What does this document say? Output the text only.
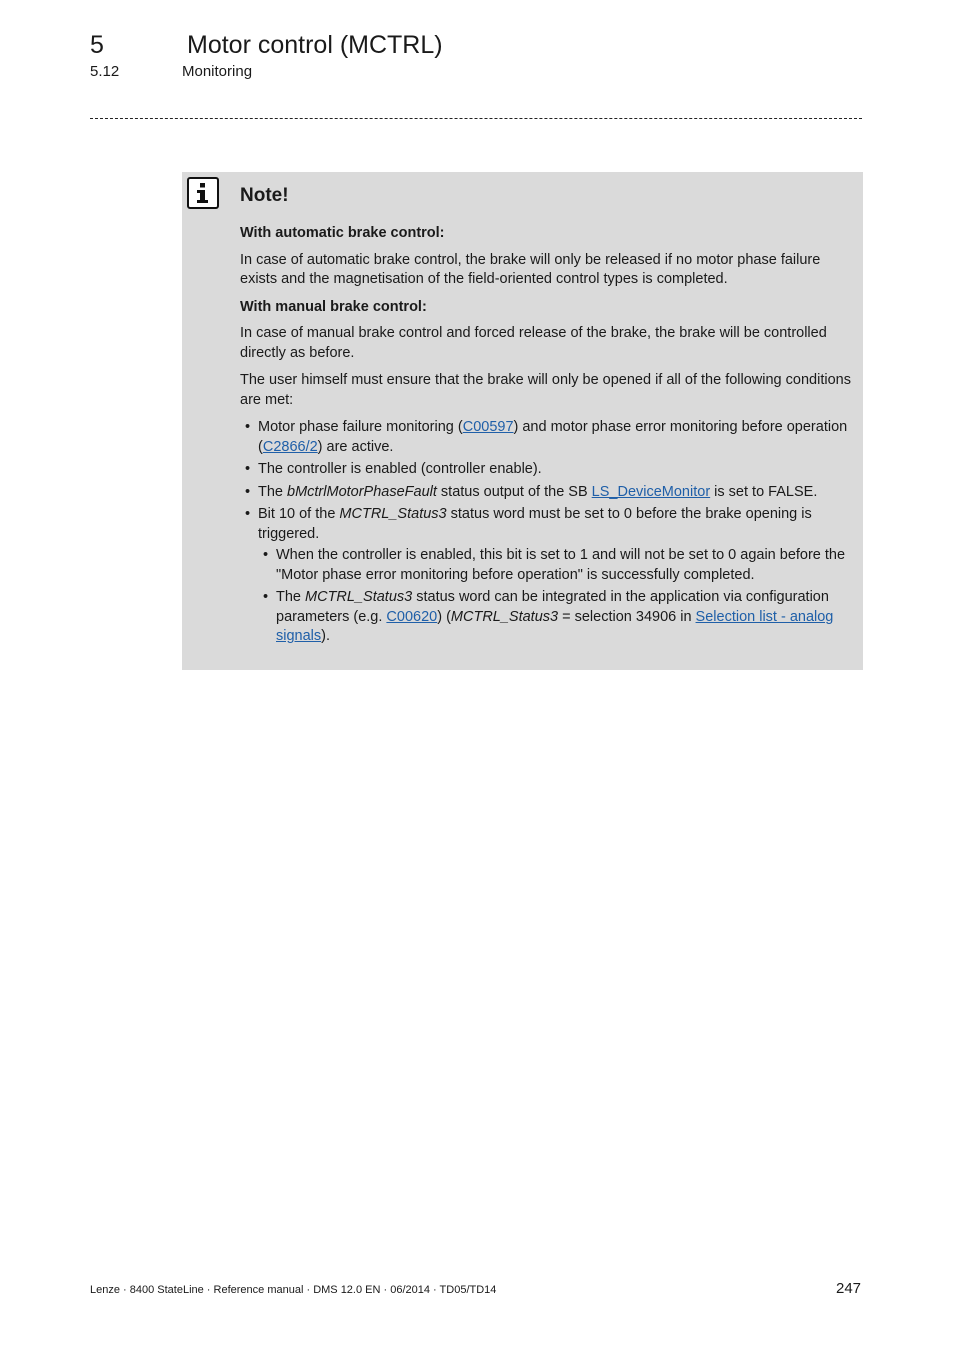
5	Motor control (MCTRL)
5.12	Monitoring
Note!

With automatic brake control:

In case of automatic brake control, the brake will only be released if no motor phase failure exists and the magnetisation of the field-oriented control types is completed.

With manual brake control:

In case of manual brake control and forced release of the brake, the brake will be controlled directly as before.

The user himself must ensure that the brake will only be opened if all of the following conditions are met:

• Motor phase failure monitoring (C00597) and motor phase error monitoring before operation (C2866/2) are active.
• The controller is enabled (controller enable).
• The bMctrlMotorPhaseFault status output of the SB LS_DeviceMonitor is set to FALSE.
• Bit 10 of the MCTRL_Status3 status word must be set to 0 before the brake opening is triggered.
• When the controller is enabled, this bit is set to 1 and will not be set to 0 again before the "Motor phase error monitoring before operation" is successfully completed.
• The MCTRL_Status3 status word can be integrated in the application via configuration parameters (e.g. C00620) (MCTRL_Status3 = selection 34906 in Selection list - analog signals).
Lenze · 8400 StateLine · Reference manual · DMS 12.0 EN · 06/2014 · TD05/TD14	247
